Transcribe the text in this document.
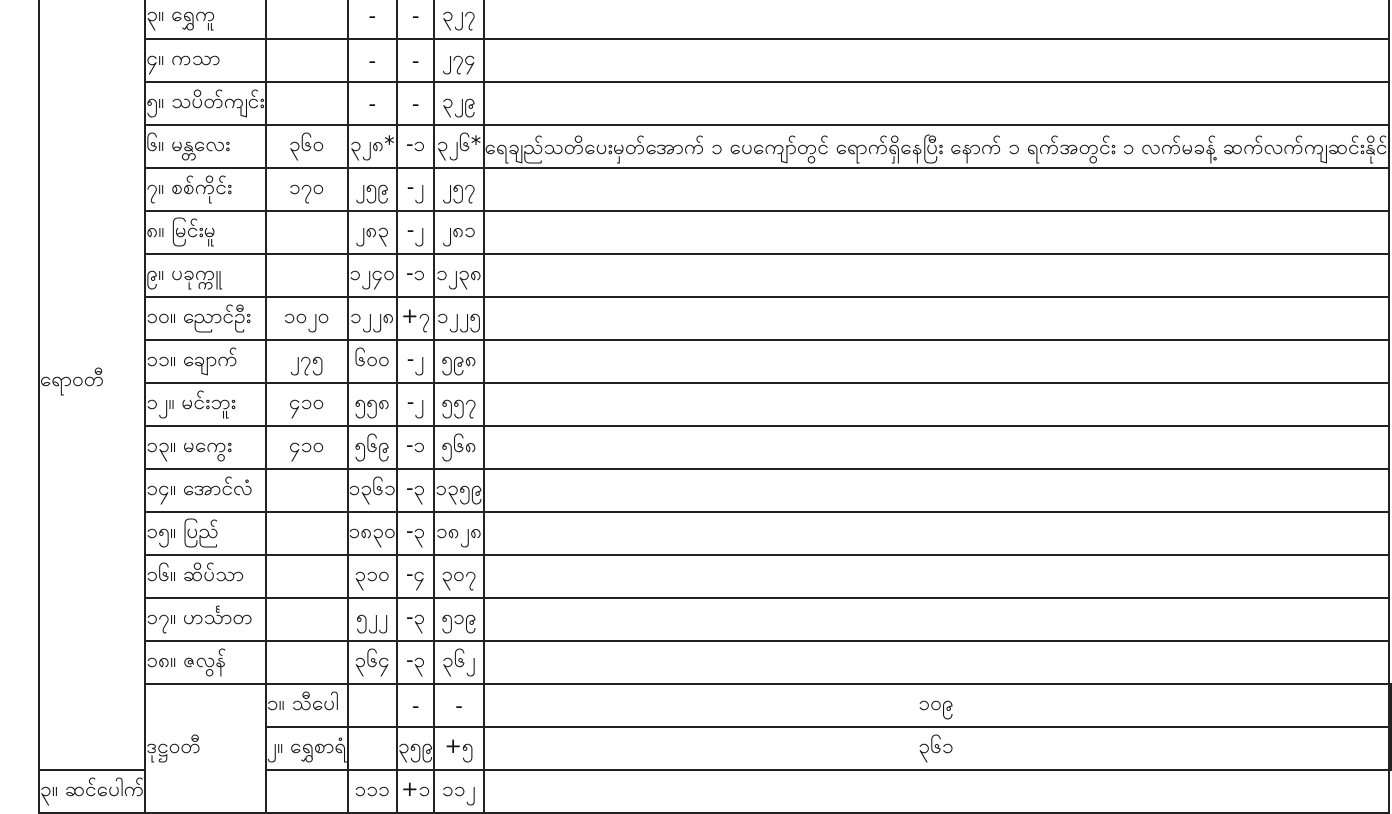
ရောဝတီ	၃။ ရွှေကူ		-	-	၃၂၇		
	၄။ ကသာ		-	-	၂၇၄		
	၅။ သပိတ်ကျင်း		-	-	၃၂၉		
	၆။ မန္တလေး	၃၆၀	၃၂၈*	-၁	၃၂၆*	ရေချည်သတိပေးမှတ်အောက် ၁ ပေကျော်တွင် ရောက်ရှိနေပြီး နောက် ၁ ရက်အတွင်း ၁ လက်မခန့် ဆက်လက်ကျဆင်းနိုင်	
	၇။ စစ်ကိုင်း	၁၇၀	၂၅၉	-၂	၂၅၇		
	၈။ မြင်းမူ		၂၈၃	-၂	၂၈၁		
	၉။ ပခုက္ကူ		၁၂၄၀	-၁	၁၂၃၈		
	၁၀။ ညောင်ဦး	၁၀၂၀	၁၂၂၈	+၇	၁၂၂၅		
	၁၁။ ချောက်	၂၇၅	၆၀၀	-၂	၅၉၈		
	၁၂။ မင်းဘူး	၄၁၀	၅၅၈	-၂	၅၅၇		
	၁၃။ မကွေး	၄၁၀	၅၆၉	-၁	၅၆၈		
	၁၄။ အောင်လံ		၁၃၆၁	-၃	၁၃၅၉		
	၁၅။ ပြည်		၁၈၃၀	-၃	၁၈၂၈		
	၁၆။ ဆိပ်သာ		၃၁၀	-၄	၃၀၇		
	၁၇။ ဟင်္သာတ		၅၂၂	-၃	၅၁၉		
	၁၈။ ဇလွန်		၃၆၄	-၃	၃၆၂		
	ဒုဋ္ဌဝတီ	၁။ သီပေါ		-	-	၁၀၉	
		၂။ ရွှေစာရံ		၃၅၉	+၅	၃၆၁	
၃။ ဆင်ပေါက်			၁၁၁	+၁	၁၁၂		
